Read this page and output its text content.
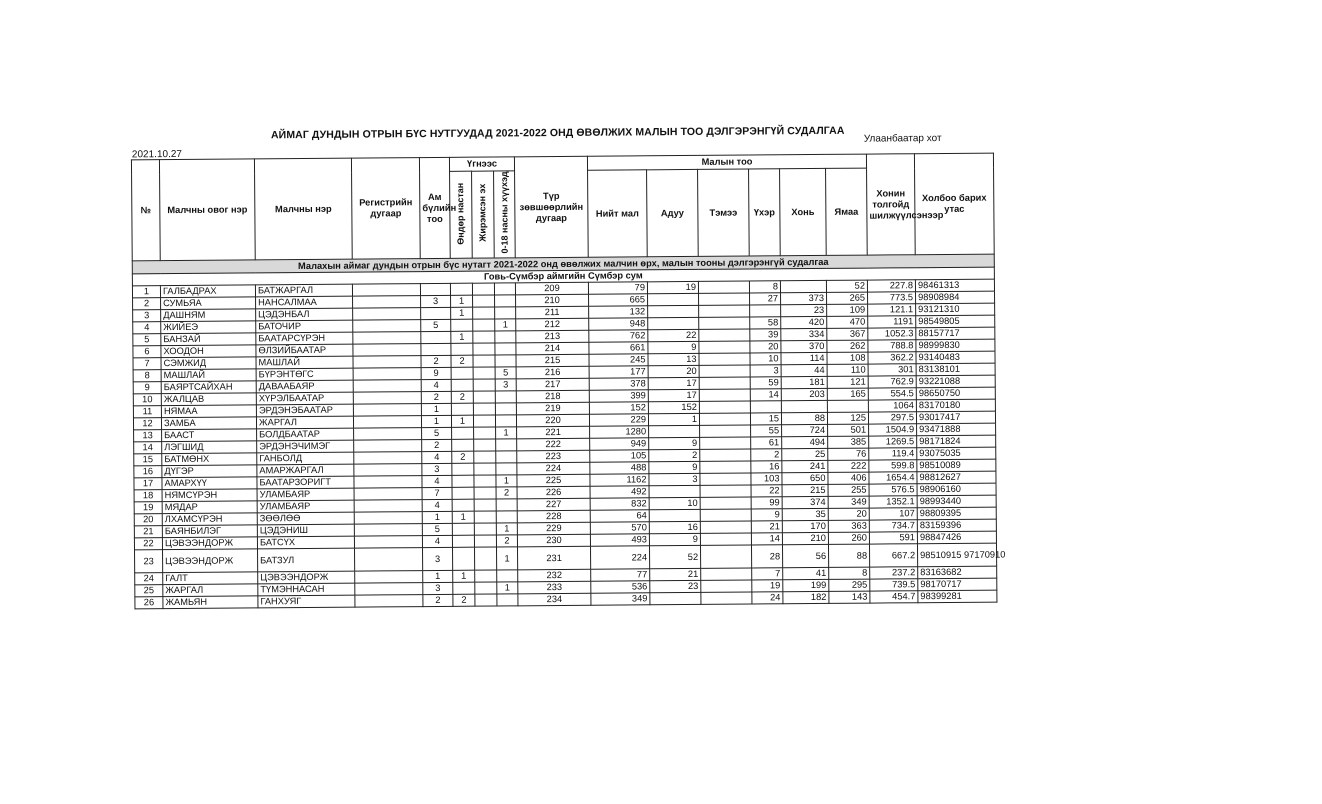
АЙМАГ ДУНДЫН ОТРЫН БҮС НУТГУУДАД 2021-2022 ОНД ӨВӨЛЖИХ МАЛЫН ТОО ДЭЛГЭРЭНГҮЙ СУДАЛГАА
2021.10.27
Улаанбаатар хот
№	Малчны овог нэр	Малчны нэр	Регистрийн дугаар	Ам бүлийн тоо	Үгнээс			Түр зөвшөөрлийн дугаар	Малын тоо						Хонин толгойд шилжүүлсэнээр	Холбоо барих утас
					Өндөр настан	Жирэмсэн эх	0-18 насны хүүхэд		Нийт мал	Адуу	Тэмээ	Үхэр	Хонь	Ямаа		
Малахын аймаг дундын отрын бүс нутагт 2021-2022 онд өвөлжих малчин өрх, малын тооны дэлгэрэнгүй судалгаа																
Говь-Сүмбэр аймгийн Сүмбэр сум																
1	ГАЛБАДРАХ	БАТЖАРГАЛ						209	79	19		8		52	227.8	98461313
2	СУМЬЯА	НАНСАЛМАА		3	1			210	665			27	373	265	773.5	98908984
3	ДАШНЯМ	ЦЭДЭНБАЛ			1			211	132				23	109	121.1	93121310
4	ЖИЙЕЭ	БАТОЧИР		5			1	212	948			58	420	470	1191	98549805
5	БАНЗАЙ	БААТАРСҮРЭН			1			213	762	22		39	334	367	1052.3	88157717
6	ХООДОН	ӨЛЗИЙБААТАР						214	661	9		20	370	262	788.8	98999830
7	СЭМЖИД	МАШЛАЙ		2	2			215	245	13		10	114	108	362.2	93140483
8	МАШЛАЙ	БҮРЭНТӨГС		9			5	216	177	20		3	44	110	301	83138101
9	БАЯРТСАЙХАН	ДАВААБАЯР		4			3	217	378	17		59	181	121	762.9	93221088
10	ЖАЛЦАВ	ХҮРЭЛБААТАР		2	2			218	399	17		14	203	165	554.5	98650750
11	НЯМАА	ЭРДЭНЭБААТАР		1				219	152	152					1064	83170180
12	ЗАМБА	ЖАРГАЛ		1	1			220	229	1		15	88	125	297.5	93017417
13	БААСТ	БОЛДБААТАР		5			1	221	1280			55	724	501	1504.9	93471888
14	ЛЭГШИД	ЭРДЭНЭЧИМЭГ		2				222	949	9		61	494	385	1269.5	98171824
15	БАТМӨНХ	ГАНБОЛД		4	2			223	105	2		2	25	76	119.4	93075035
16	ДҮГЭР	АМАРЖАРГАЛ		3				224	488	9		16	241	222	599.8	98510089
17	АМАРХҮҮ	БААТАРЗОРИГТ		4			1	225	1162	3		103	650	406	1654.4	98812627
18	НЯМСҮРЭН	УЛАМБАЯР		7			2	226	492			22	215	255	576.5	98906160
19	МЯДАР	УЛАМБАЯР		4				227	832	10		99	374	349	1352.1	98993440
20	ЛХАМСҮРЭН	ЗӨӨЛӨӨ		1	1			228	64			9	35	20	107	98809395
21	БАЯНБИЛЭГ	ЦЭДЭНИШ		5			1	229	570	16		21	170	363	734.7	83159396
22	ЦЭВЭЭНДОРЖ	БАТСҮХ		4			2	230	493	9		14	210	260	591	98847426
23	ЦЭВЭЭНДОРЖ	БАТЗУЛ		3			1	231	224	52		28	56	88	667.2	98510915 97170910
24	ГАЛТ	ЦЭВЭЭНДОРЖ		1	1			232	77	21		7	41	8	237.2	83163682
25	ЖАРГАЛ	ТҮМЭННАСАН		3			1	233	536	23		19	199	295	739.5	98170717
26	ЖАМЬЯН	ГАНХУЯГ		2	2			234	349			24	182	143	454.7	98399281
